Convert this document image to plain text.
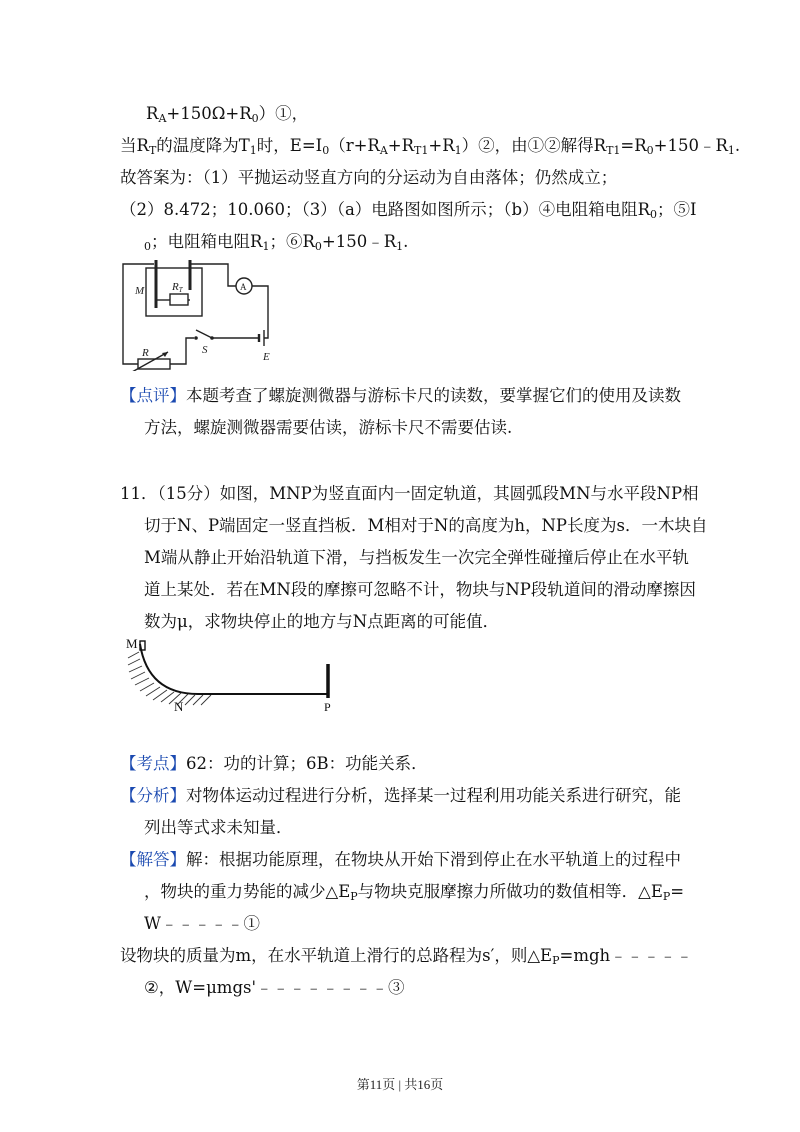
$R_A+150\Omega+R_0)①$，
当$R_T$的温度降为$T_1$时，$E=I_0(r+R_A+R_{T1}+R_1)②$，由①②解得$R_{T1}=R_0+150﹣R_1$.
故答案为：（1）平抛运动竖直方向的分运动为自由落体；仍然成立；
（2）8.472；10.060；（3）（a）电路图如图所示；（b）④电阻箱电阻$R_0$；⑤I
$_0$；电阻箱电阻$R_1$；$⑥R_0+150﹣R_1$.
M	RT	A
R	S
E
【点评】本题考查了螺旋测微器与游标卡尺的读数，要掌握它们的使用及读数
方法，螺旋测微器需要估读，游标卡尺不需要估读.
11．（15分）如图，MNP为竖直面内一固定轨道，其圆弧段MN与水平段NP相
切于N、P端固定一竖直挡板．M相对于N的高度为h，NP长度为s．一木块自
M端从静止开始沿轨道下滑，与挡板发生一次完全弹性碰撞后停止在水平轨
道上某处．若在MN段的摩擦可忽略不计，物块与NP段轨道间的滑动摩擦因
数为μ，求物块停止的地方与N点距离的可能值．
M
N	P
【考点】62：功的计算；6B：功能关系．
【分析】对物体运动过程进行分析，选择某一过程利用功能关系进行研究，能
列出等式求未知量．
【解答】解：根据功能原理，在物块从开始下滑到停止在水平轨道上的过程中
，物块的重力势能的减少$\triangle E_P$与物块克服摩擦力所做功的数值相等．$\triangle E_P=$
W﹣﹣﹣﹣﹣①
设物块的质量为m，在水平轨道上滑行的总路程为s′，则$\triangle E_P=mgh﹣﹣﹣﹣﹣$
②，W=μmgs'﹣﹣﹣﹣﹣﹣﹣﹣③
第11页 | 共16页
